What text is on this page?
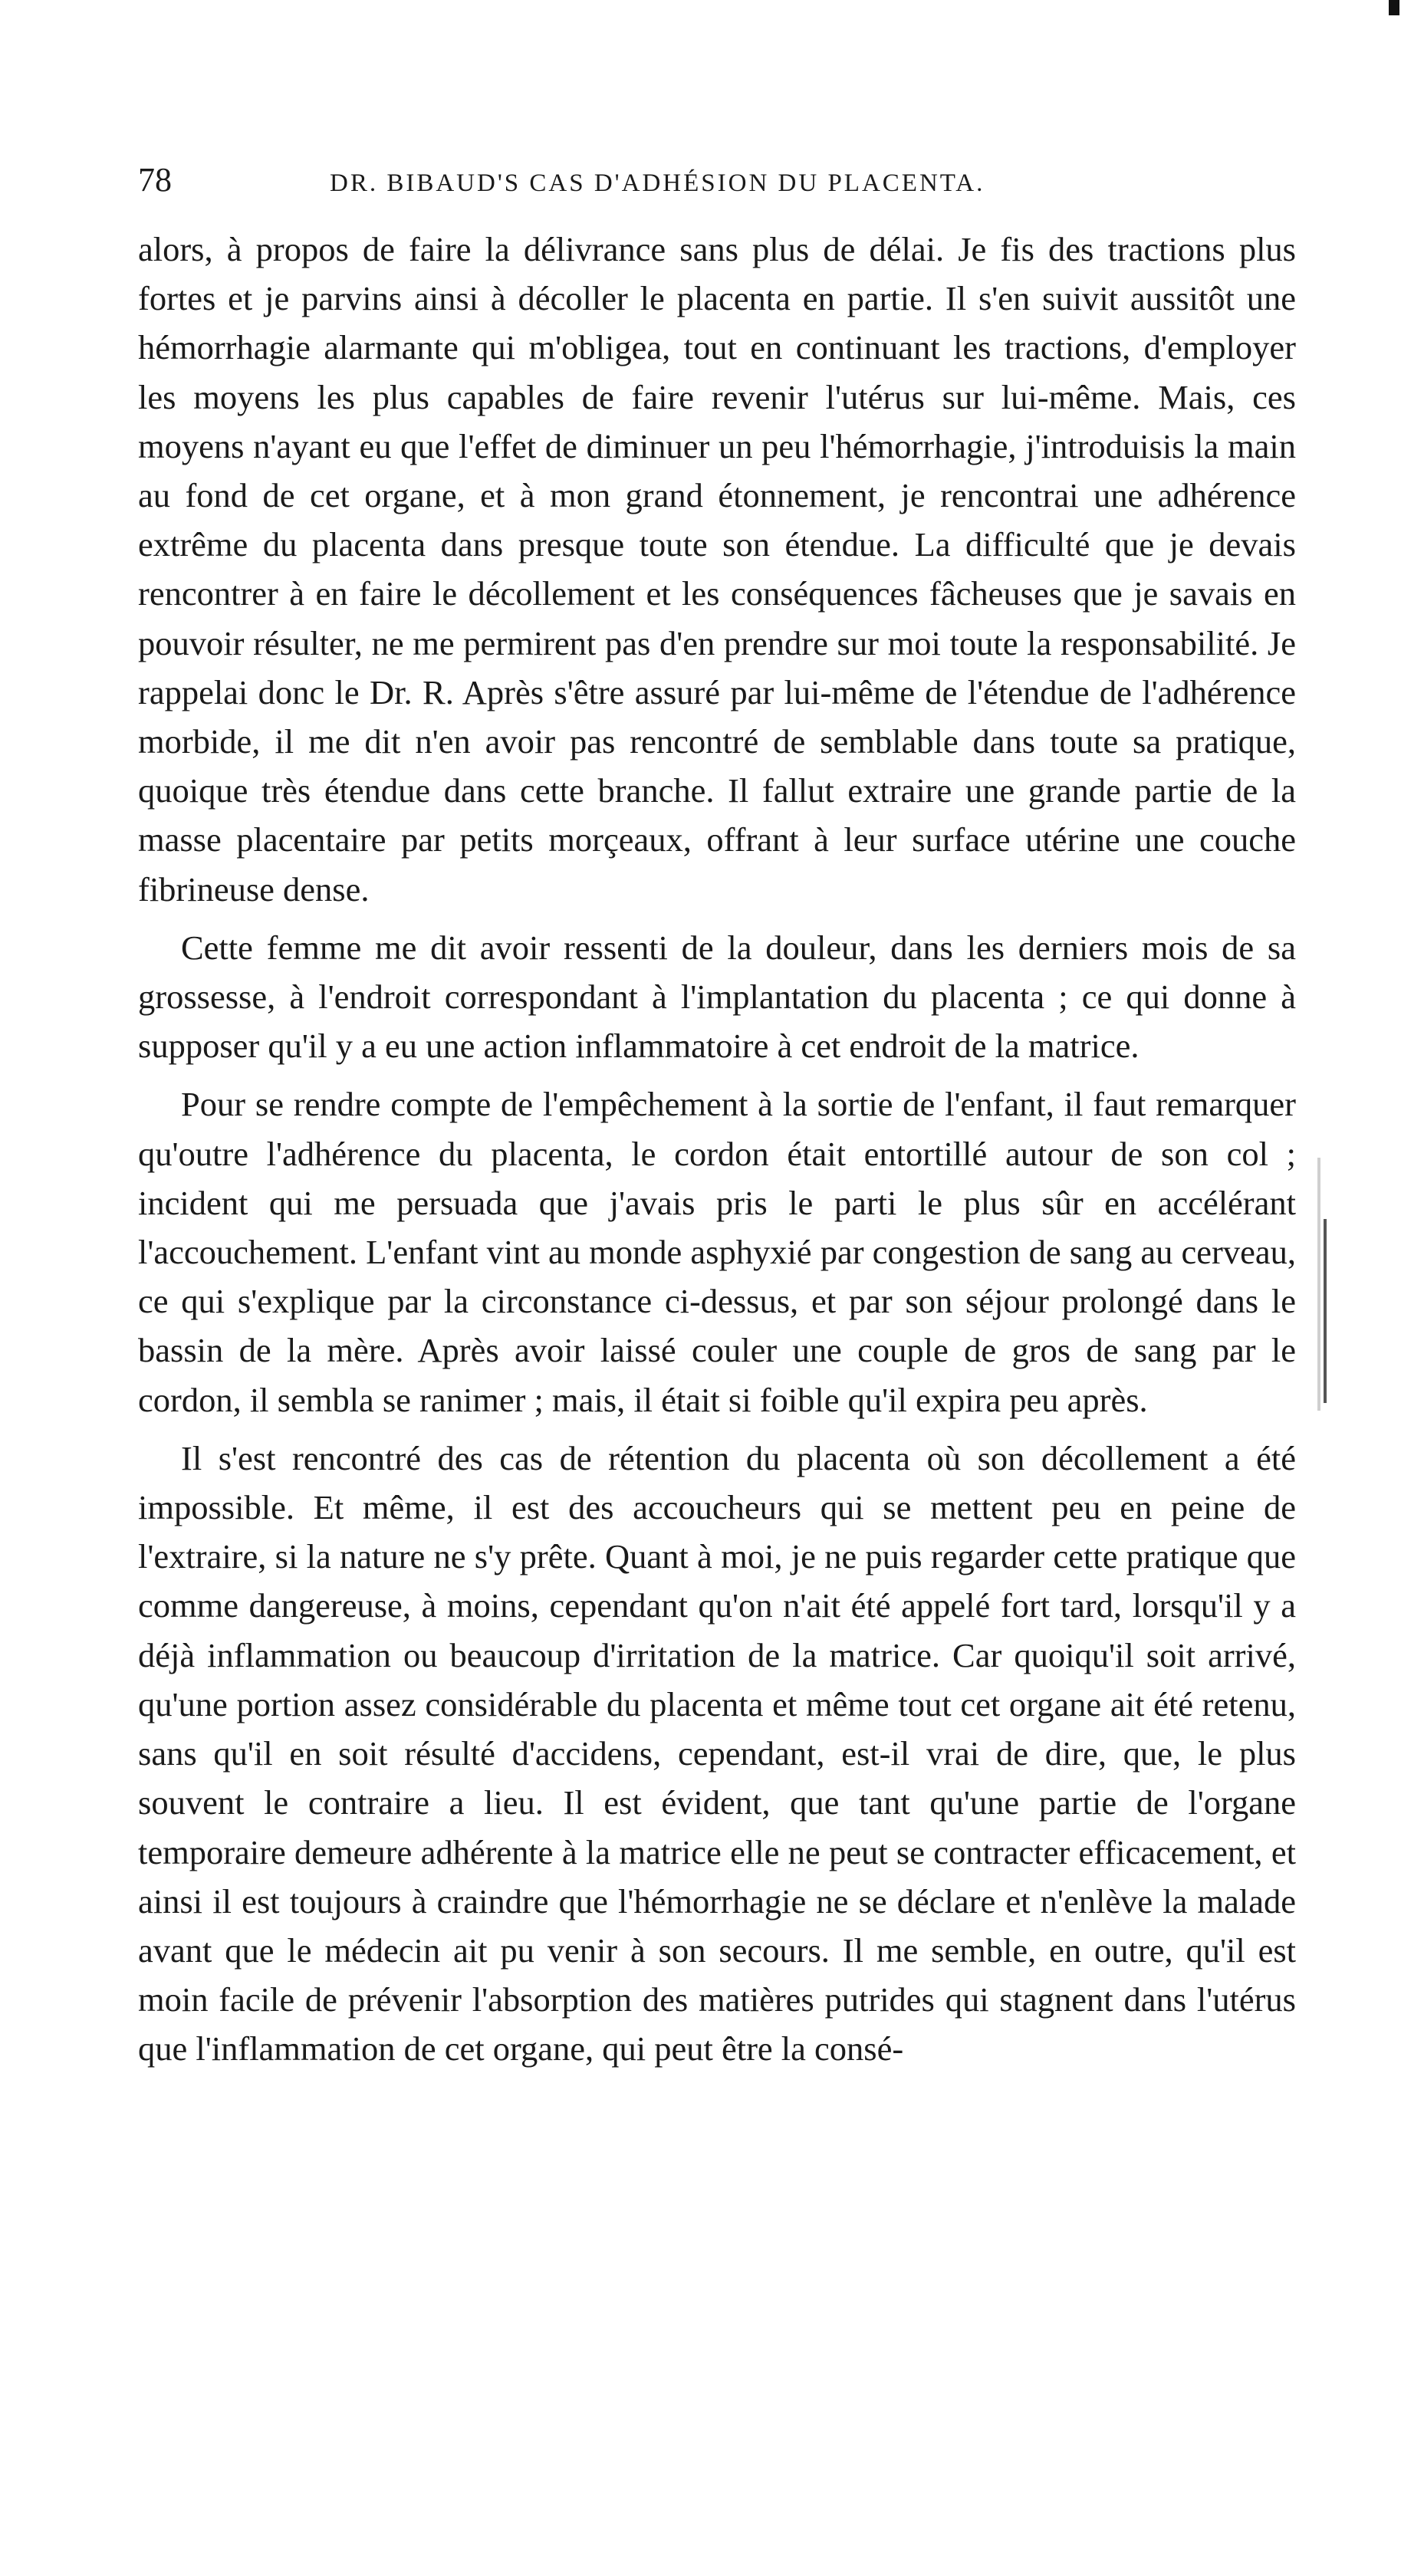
78	DR. BIBAUD'S CAS D'ADHÉSION DU PLACENTA.

alors, à propos de faire la délivrance sans plus de délai. Je fis des tractions plus fortes et je parvins ainsi à décoller le placenta en partie. Il s'en suivit aussitôt une hémorrhagie alarmante qui m'obligea, tout en continuant les tractions, d'employer les moyens les plus capables de faire revenir l'utérus sur lui-même. Mais, ces moyens n'ayant eu que l'effet de diminuer un peu l'hémorrhagie, j'introduisis la main au fond de cet organe, et à mon grand étonnement, je rencontrai une adhérence extrême du placenta dans presque toute son étendue. La difficulté que je devais rencontrer à en faire le décollement et les conséquences fâcheuses que je savais en pouvoir résulter, ne me permirent pas d'en prendre sur moi toute la responsabilité. Je rappelai donc le Dr. R. Après s'être assuré par lui-même de l'étendue de l'adhérence morbide, il me dit n'en avoir pas rencontré de semblable dans toute sa pratique, quoique très étendue dans cette branche. Il fallut extraire une grande partie de la masse placentaire par petits morçeaux, offrant à leur surface utérine une couche fibrineuse dense.

Cette femme me dit avoir ressenti de la douleur, dans les derniers mois de sa grossesse, à l'endroit correspondant à l'implantation du placenta ; ce qui donne à supposer qu'il y a eu une action inflammatoire à cet endroit de la matrice.

Pour se rendre compte de l'empêchement à la sortie de l'enfant, il faut remarquer qu'outre l'adhérence du placenta, le cordon était entortillé autour de son col ; incident qui me persuada que j'avais pris le parti le plus sûr en accélérant l'accouchement. L'enfant vint au monde asphyxié par congestion de sang au cerveau, ce qui s'explique par la circonstance ci-dessus, et par son séjour prolongé dans le bassin de la mère. Après avoir laissé couler une couple de gros de sang par le cordon, il sembla se ranimer ; mais, il était si foible qu'il expira peu après.

Il s'est rencontré des cas de rétention du placenta où son décollement a été impossible. Et même, il est des accoucheurs qui se mettent peu en peine de l'extraire, si la nature ne s'y prête. Quant à moi, je ne puis regarder cette pratique que comme dangereuse, à moins, cependant qu'on n'ait été appelé fort tard, lorsqu'il y a déjà inflammation ou beaucoup d'irritation de la matrice. Car quoiqu'il soit arrivé, qu'une portion assez considérable du placenta et même tout cet organe ait été retenu, sans qu'il en soit résulté d'accidens, cependant, est-il vrai de dire, que, le plus souvent le contraire a lieu. Il est évident, que tant qu'une partie de l'organe temporaire demeure adhérente à la matrice elle ne peut se contracter efficacement, et ainsi il est toujours à craindre que l'hémorrhagie ne se déclare et n'enlève la malade avant que le médecin ait pu venir à son secours. Il me semble, en outre, qu'il est moin facile de prévenir l'absorption des matières putrides qui stagnent dans l'utérus que l'inflammation de cet organe, qui peut être la consé-
